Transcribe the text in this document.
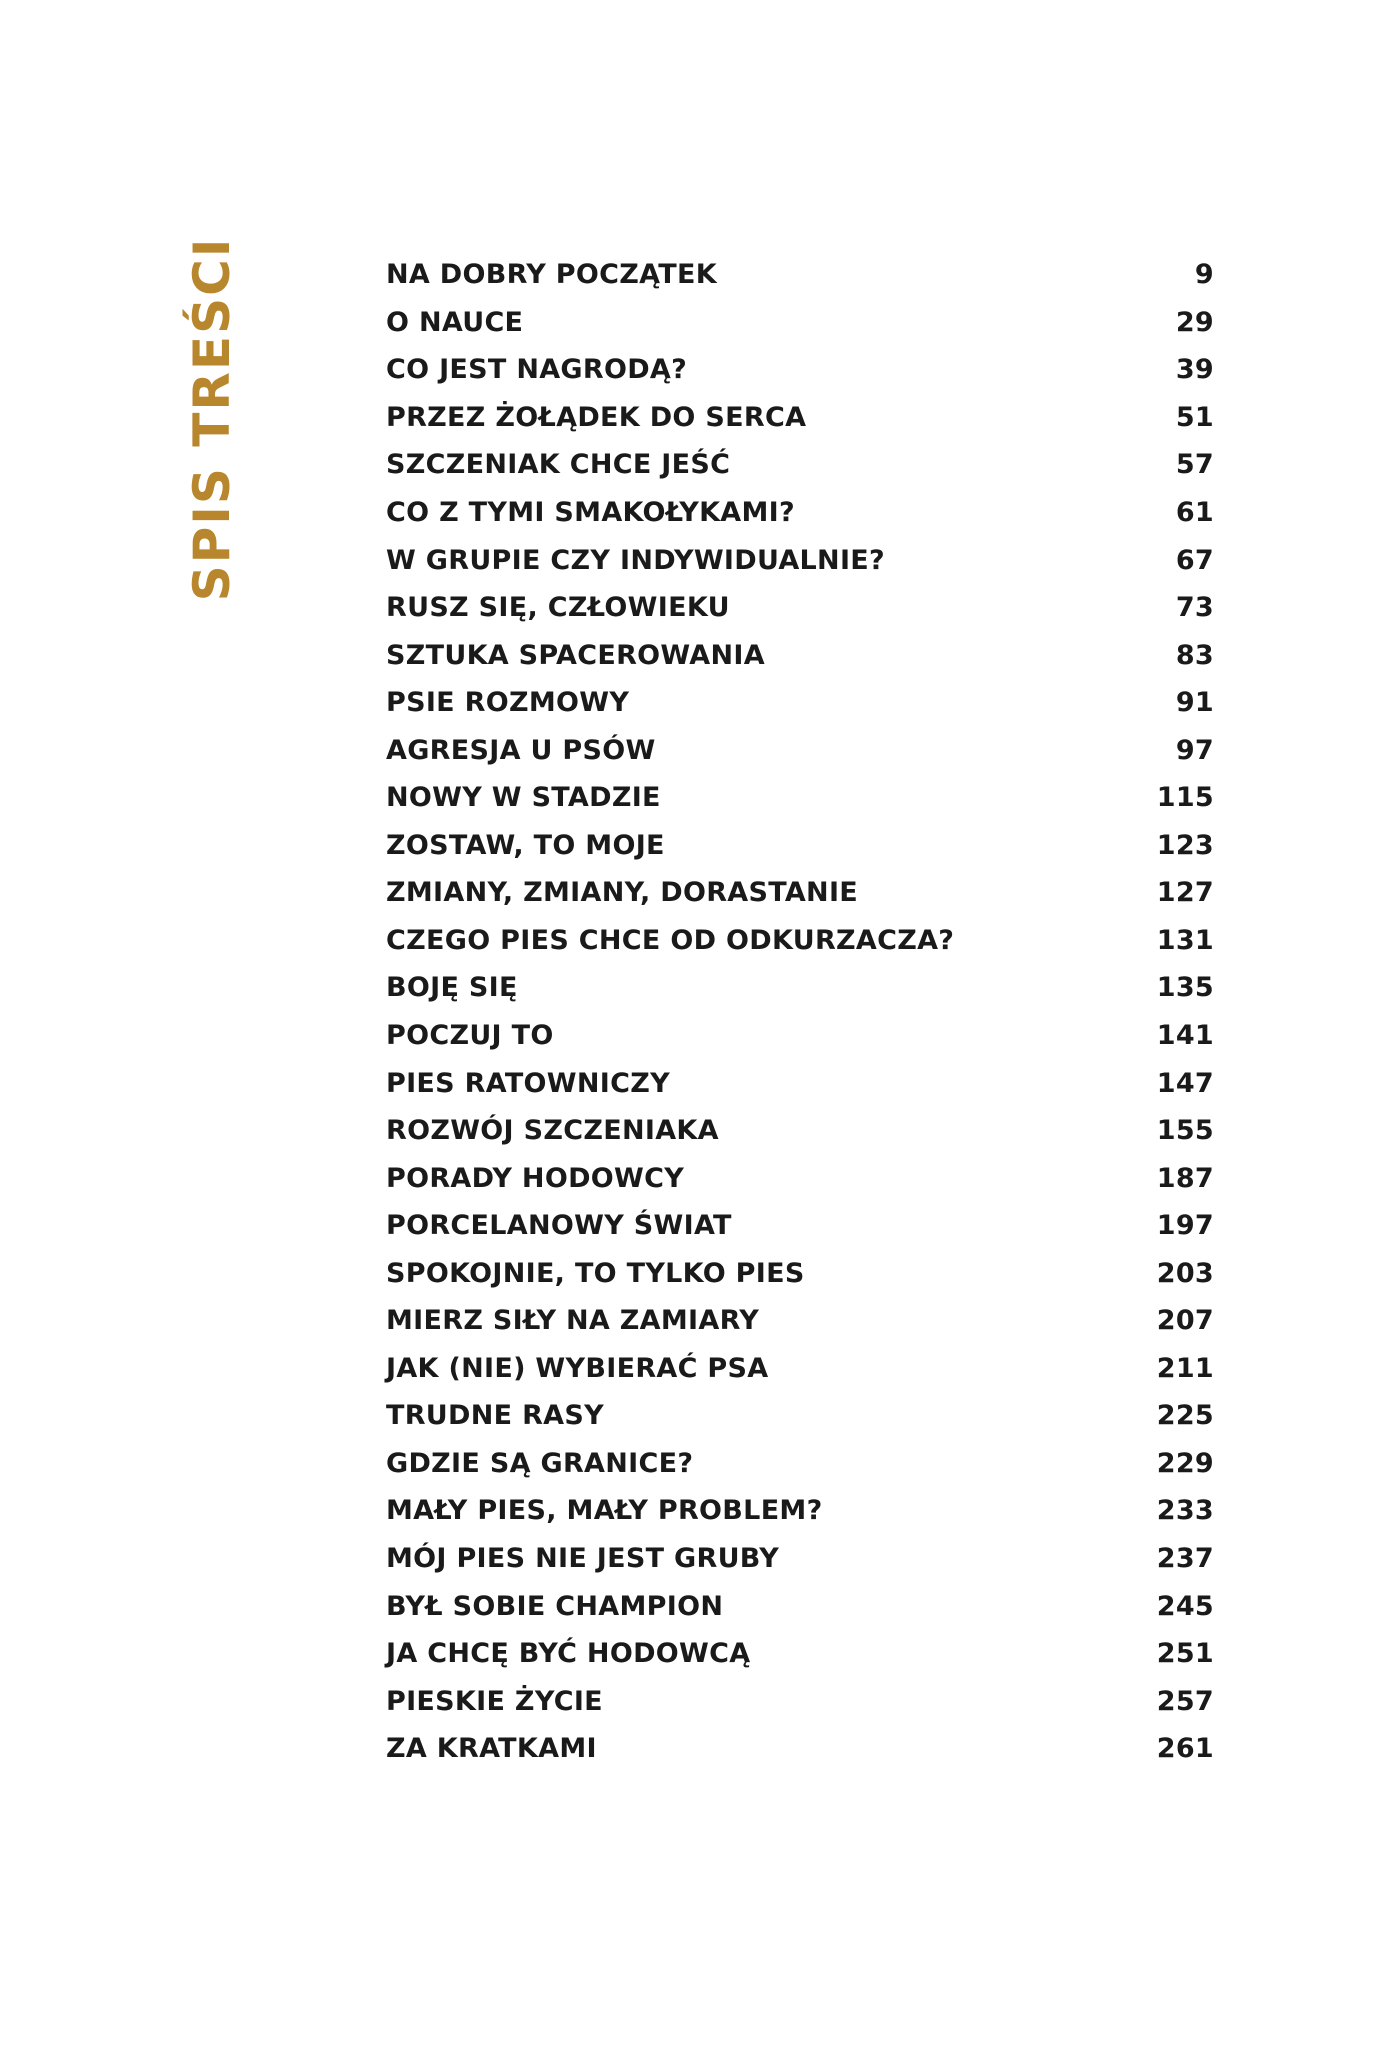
SPIS TREŚCI	NA DOBRY POCZĄTEK	9
O NAUCE	29
CO JEST NAGRODĄ?	39
PRZEZ ŻOŁĄDEK DO SERCA	51
SZCZENIAK CHCE JEŚĆ	57
CO Z TYMI SMAKOŁYKAMI?	61
W GRUPIE CZY INDYWIDUALNIE?	67
RUSZ SIĘ, CZŁOWIEKU	73
SZTUKA SPACEROWANIA	83
PSIE ROZMOWY	91
AGRESJA U PSÓW	97
NOWY W STADZIE	115
ZOSTAW, TO MOJE	123
ZMIANY, ZMIANY, DORASTANIE	127
CZEGO PIES CHCE OD ODKURZACZA?	131
BOJĘ SIĘ	135
POCZUJ TO	141
PIES RATOWNICZY	147
ROZWÓJ SZCZENIAKA	155
PORADY HODOWCY	187
PORCELANOWY ŚWIAT	197
SPOKOJNIE, TO TYLKO PIES	203
MIERZ SIŁY NA ZAMIARY	207
JAK (NIE) WYBIERAĆ PSA	211
TRUDNE RASY	225
GDZIE SĄ GRANICE?	229
MAŁY PIES, MAŁY PROBLEM?	233
MÓJ PIES NIE JEST GRUBY	237
BYŁ SOBIE CHAMPION	245
JA CHCĘ BYĆ HODOWCĄ	251
PIESKIE ŻYCIE	257
ZA KRATKAMI	261
